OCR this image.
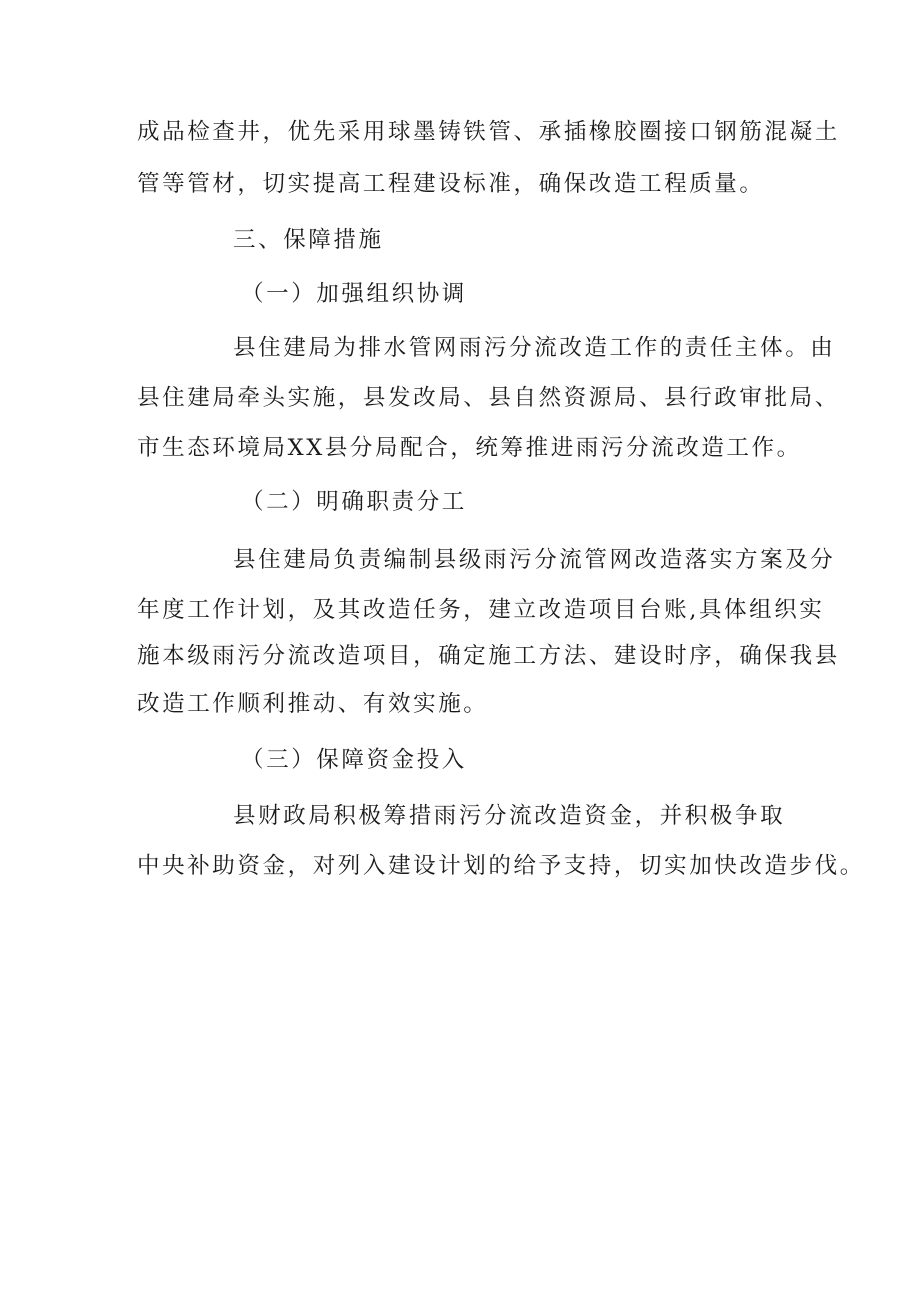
成品检查井，优先采用球墨铸铁管、承插橡胶圈接口钢筋混凝土
管等管材，切实提高工程建设标准，确保改造工程质量。
三、保障措施
（一）加强组织协调
县住建局为排水管网雨污分流改造工作的责任主体。由
县住建局牵头实施，县发改局、县自然资源局、县行政审批局、
市生态环境局XX县分局配合，统筹推进雨污分流改造工作。
（二）明确职责分工
县住建局负责编制县级雨污分流管网改造落实方案及分
年度工作计划，及其改造任务，建立改造项目台账,具体组织实
施本级雨污分流改造项目，确定施工方法、建设时序，确保我县
改造工作顺利推动、有效实施。
（三）保障资金投入
县财政局积极筹措雨污分流改造资金，并积极争取
中央补助资金，对列入建设计划的给予支持，切实加快改造步伐。
